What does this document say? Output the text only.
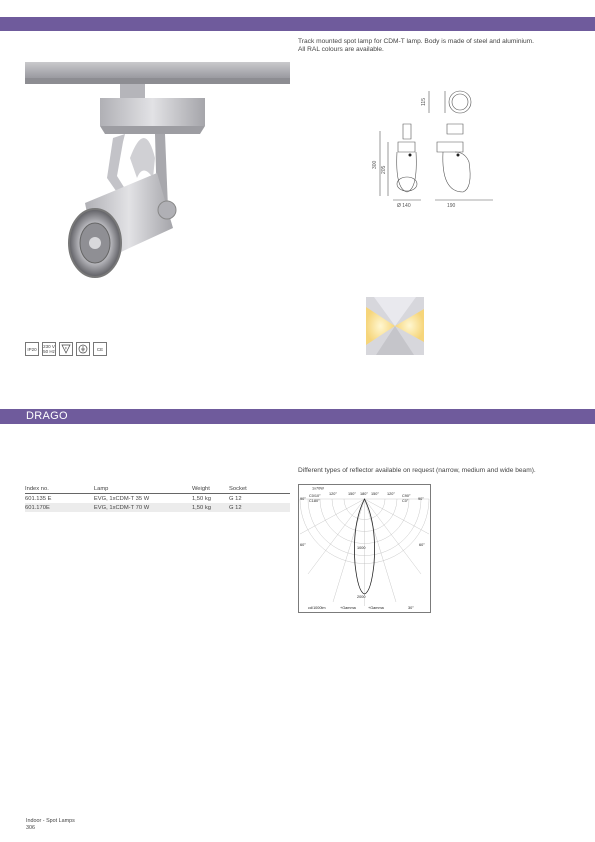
Track mounted spot lamp for CDM-T lamp. Body is made of steel and aluminium. All RAL colours are available.
115
300
205
Ø 140	190
IP20	230 V 50 Hz
F	CE
DRAGO
Different types of reflector available on request (narrow, medium and wide beam).
Index no.	Lamp	Weight	Socket
601.135 E	EVG, 1xCDM-T 35 W	1,50 kg	G 12
601.170E	EVG, 1xCDM-T 70 W	1,50 kg	G 12
1x70W
90°	90°
C0/10°
C180°
C90°
C0°
120°	150° 180° 150° 120°
60°	60°
1000
2000
cd/1000lm	+Gamma	+Gamma	30°
Indoor - Spot Lamps
306
